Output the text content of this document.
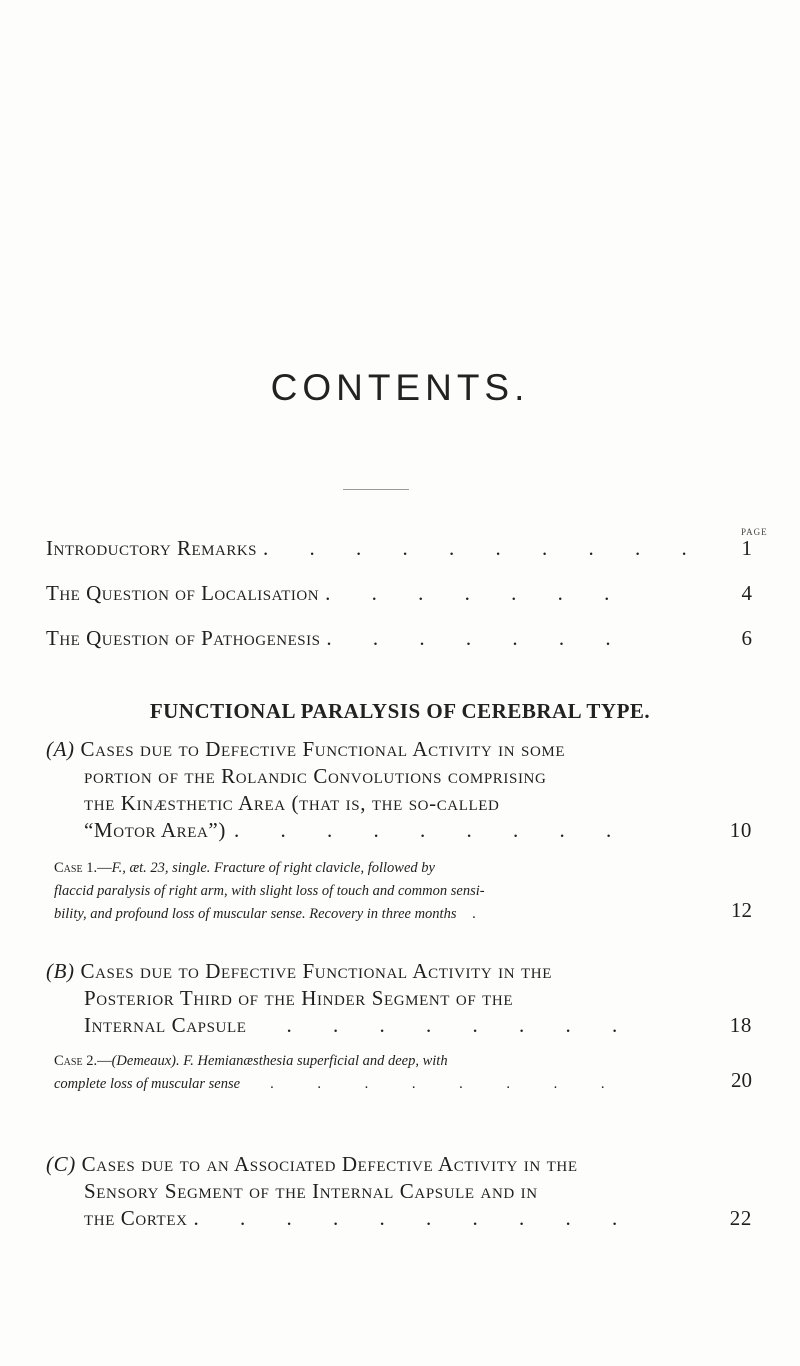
CONTENTS.
PAGE
Introductory Remarks . . . . . . . . . . 1
The Question of Localisation . . . . . . .	4
The Question of Pathogenesis . . . . . . .	6
FUNCTIONAL PARALYSIS OF CEREBRAL TYPE.
(A) Cases due to Defective Functional Activity in some
portion of the Rolandic Convolutions comprising
the Kinæsthetic Area (that is, the so-called
“Motor Area”) . . . . . . . . .	10
Case 1.—F., æt. 23, single. Fracture of right clavicle, followed by
flaccid paralysis of right arm, with slight loss of touch and common sensi-
bility, and profound loss of muscular sense. Recovery in three months .	12
(B) Cases due to Defective Functional Activity in the
Posterior Third of the Hinder Segment of the
Internal Capsule . . . . . . . .	18
Case 2.—(Demeaux). F. Hemianæsthesia superficial and deep, with
complete loss of muscular sense . . . . . . . .	20
(C) Cases due to an Associated Defective Activity in the
Sensory Segment of the Internal Capsule and in
the Cortex . . . . . . . . . .	22
